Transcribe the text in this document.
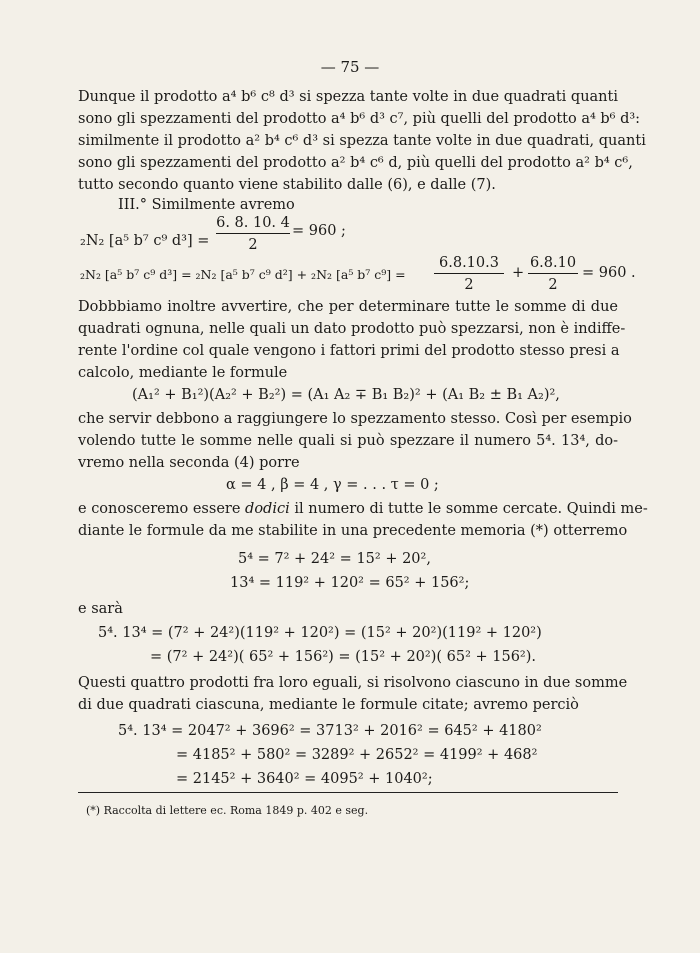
— 75 —
Dunque il prodotto a⁴ b⁶ c⁸ d³ si spezza tante volte in due quadrati quanti
sono gli spezzamenti del prodotto a⁴ b⁶ d³ c⁷, più quelli del prodotto a⁴ b⁶ d³:
similmente il prodotto a² b⁴ c⁶ d³ si spezza tante volte in due quadrati, quanti
sono gli spezzamenti del prodotto a² b⁴ c⁶ d, più quelli del prodotto a² b⁴ c⁶,
tutto secondo quanto viene stabilito dalle (6), e dalle (7).
III.° Similmente avremo
₂N₂ [a⁵ b⁷ c⁹ d³] =
6. 8. 10. 4
2
= 960 ;
₂N₂ [a⁵ b⁷ c⁹ d³] = ₂N₂ [a⁵ b⁷ c⁹ d²] + ₂N₂ [a⁵ b⁷ c⁹] =
6.8.10.3
2
+
6.8.10
2
= 960 .
Dobbbiamo inoltre avvertire, che per determinare tutte le somme di due
quadrati ognuna, nelle quali un dato prodotto può spezzarsi, non è indiffe-
rente l'ordine col quale vengono i fattori primi del prodotto stesso presi a
calcolo, mediante le formule
(A₁² + B₁²)(A₂² + B₂²) = (A₁ A₂ ∓ B₁ B₂)² + (A₁ B₂ ± B₁ A₂)²,
che servir debbono a raggiungere lo spezzamento stesso. Così per esempio
volendo tutte le somme nelle quali si può spezzare il numero 5⁴. 13⁴, do-
vremo nella seconda (4) porre
α = 4 , β = 4 , γ = . . . τ = 0 ;
e conosceremo essere dodici il numero di tutte le somme cercate. Quindi me-
diante le formule da me stabilite in una precedente memoria (*) otterremo
5⁴ = 7² + 24² = 15² + 20²,
13⁴ = 119² + 120² = 65² + 156²;
e sarà
5⁴. 13⁴ = (7² + 24²)(119² + 120²) = (15² + 20²)(119² + 120²)
= (7² + 24²)( 65² + 156²) = (15² + 20²)( 65² + 156²).
Questi quattro prodotti fra loro eguali, si risolvono ciascuno in due somme
di due quadrati ciascuna, mediante le formule citate; avremo perciò
5⁴. 13⁴ = 2047² + 3696² = 3713² + 2016² = 645² + 4180²
= 4185² + 580² = 3289² + 2652² = 4199² + 468²
= 2145² + 3640² = 4095² + 1040²;
(*) Raccolta di lettere ec. Roma 1849 p. 402 e seg.
